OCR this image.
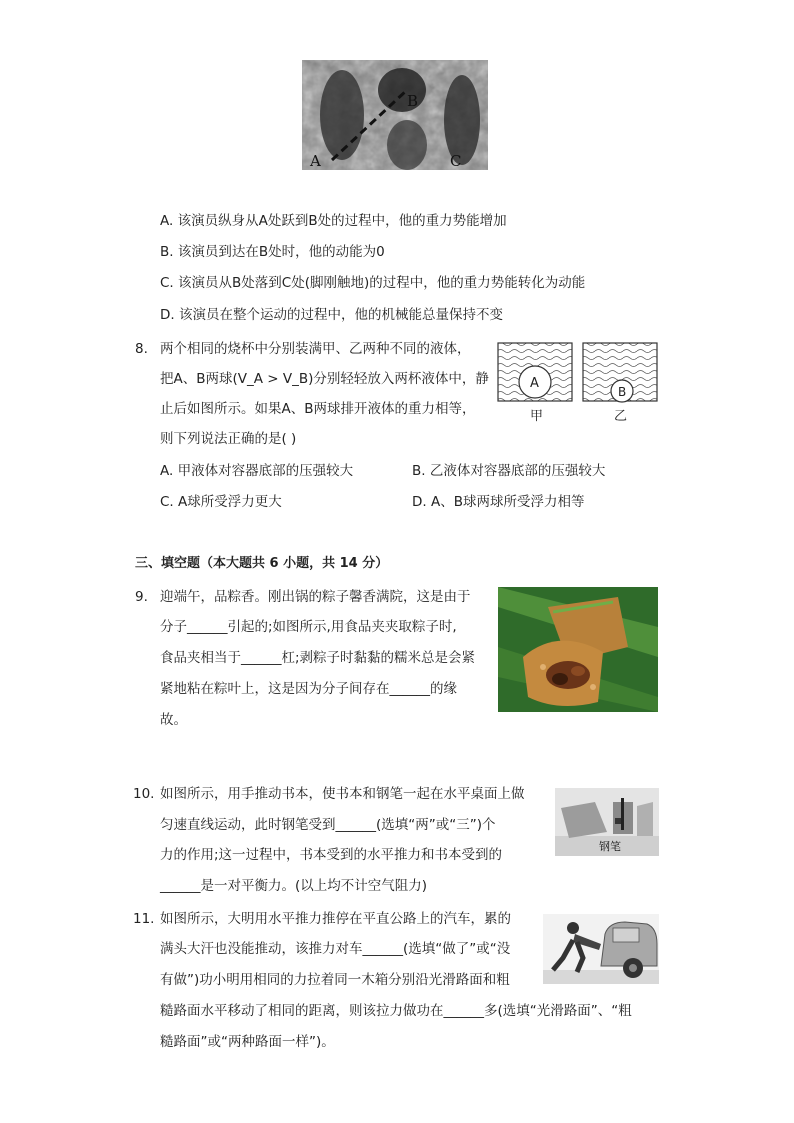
A
B
C
A. 该演员纵身从A处跃到B处的过程中，他的重力势能增加
B. 该演员到达在B处时，他的动能为0
C. 该演员从B处落到C处(脚刚触地)的过程中，他的重力势能转化为动能
D. 该演员在整个运动的过程中，他的机械能总量保持不变
8. 两个相同的烧杯中分别装满甲、乙两种不同的液体，
把A、B两球(V_A > V_B)分别轻轻放入两杯液体中，静
止后如图所示。如果A、B两球排开液体的重力相等，
则下列说法正确的是( )
A
B
甲	乙
A. 甲液体对容器底部的压强较大	B. 乙液体对容器底部的压强较大
C. A球所受浮力更大	D. A、B球两球所受浮力相等
三、填空题（本大题共 6 小题，共 14 分）
9. 迎端午，品粽香。刚出锅的粽子馨香满院，这是由于
分子______引起的;如图所示,用食品夹夹取粽子时,
食品夹相当于______杠;剥粽子时黏黏的糯米总是会紧
紧地粘在粽叶上，这是因为分子间存在______的缘
故。
10. 如图所示，用手推动书本，使书本和钢笔一起在水平桌面上做
匀速直线运动，此时钢笔受到______(选填“两”或“三”)个
力的作用;这一过程中，书本受到的水平推力和书本受到的
______是一对平衡力。(以上均不计空气阻力)
钢笔
11. 如图所示，大明用水平推力推停在平直公路上的汽车，累的
满头大汗也没能推动，该推力对车______(选填“做了”或“没
有做”)功小明用相同的力拉着同一木箱分别沿光滑路面和粗
糙路面水平移动了相同的距离，则该拉力做功在______多(选填“光滑路面”、“粗
糙路面”或“两种路面一样”)。
